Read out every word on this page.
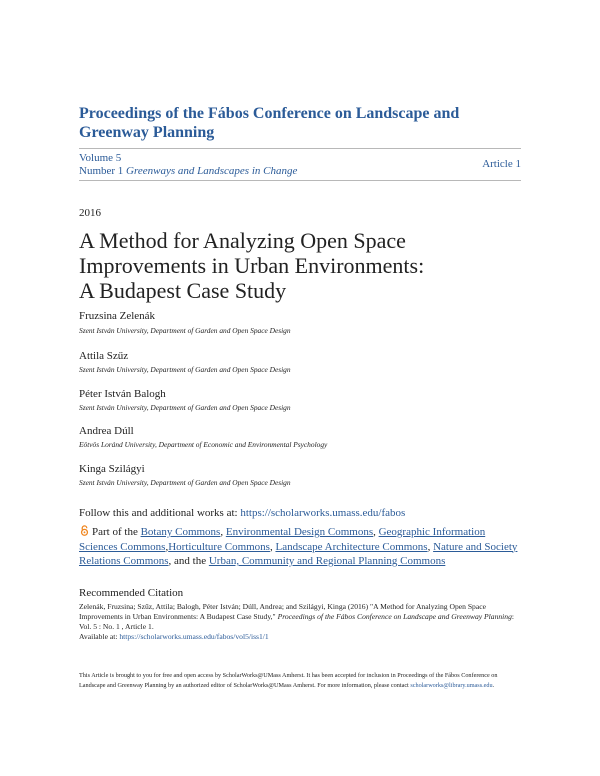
Proceedings of the Fábos Conference on Landscape and Greenway Planning
Volume 5
Number 1 Greenways and Landscapes in Change
Article 1
2016
A Method for Analyzing Open Space Improvements in Urban Environments: A Budapest Case Study
Fruzsina Zelenák
Szent István University, Department of Garden and Open Space Design
Attila Szűz
Szent István University, Department of Garden and Open Space Design
Péter István Balogh
Szent István University, Department of Garden and Open Space Design
Andrea Dúll
Eötvös Loránd University, Department of Economic and Environmental Psychology
Kinga Szilágyi
Szent István University, Department of Garden and Open Space Design
Follow this and additional works at: https://scholarworks.umass.edu/fabos
Part of the Botany Commons, Environmental Design Commons, Geographic Information Sciences Commons,Horticulture Commons, Landscape Architecture Commons, Nature and Society Relations Commons, and the Urban, Community and Regional Planning Commons
Recommended Citation
Zelenák, Fruzsina; Szűz, Attila; Balogh, Péter István; Dúll, Andrea; and Szilágyi, Kinga (2016) "A Method for Analyzing Open Space Improvements in Urban Environments: A Budapest Case Study," Proceedings of the Fábos Conference on Landscape and Greenway Planning: Vol. 5 : No. 1 , Article 1.
Available at: https://scholarworks.umass.edu/fabos/vol5/iss1/1
This Article is brought to you for free and open access by ScholarWorks@UMass Amherst. It has been accepted for inclusion in Proceedings of the Fábos Conference on Landscape and Greenway Planning by an authorized editor of ScholarWorks@UMass Amherst. For more information, please contact scholarworks@library.umass.edu.
